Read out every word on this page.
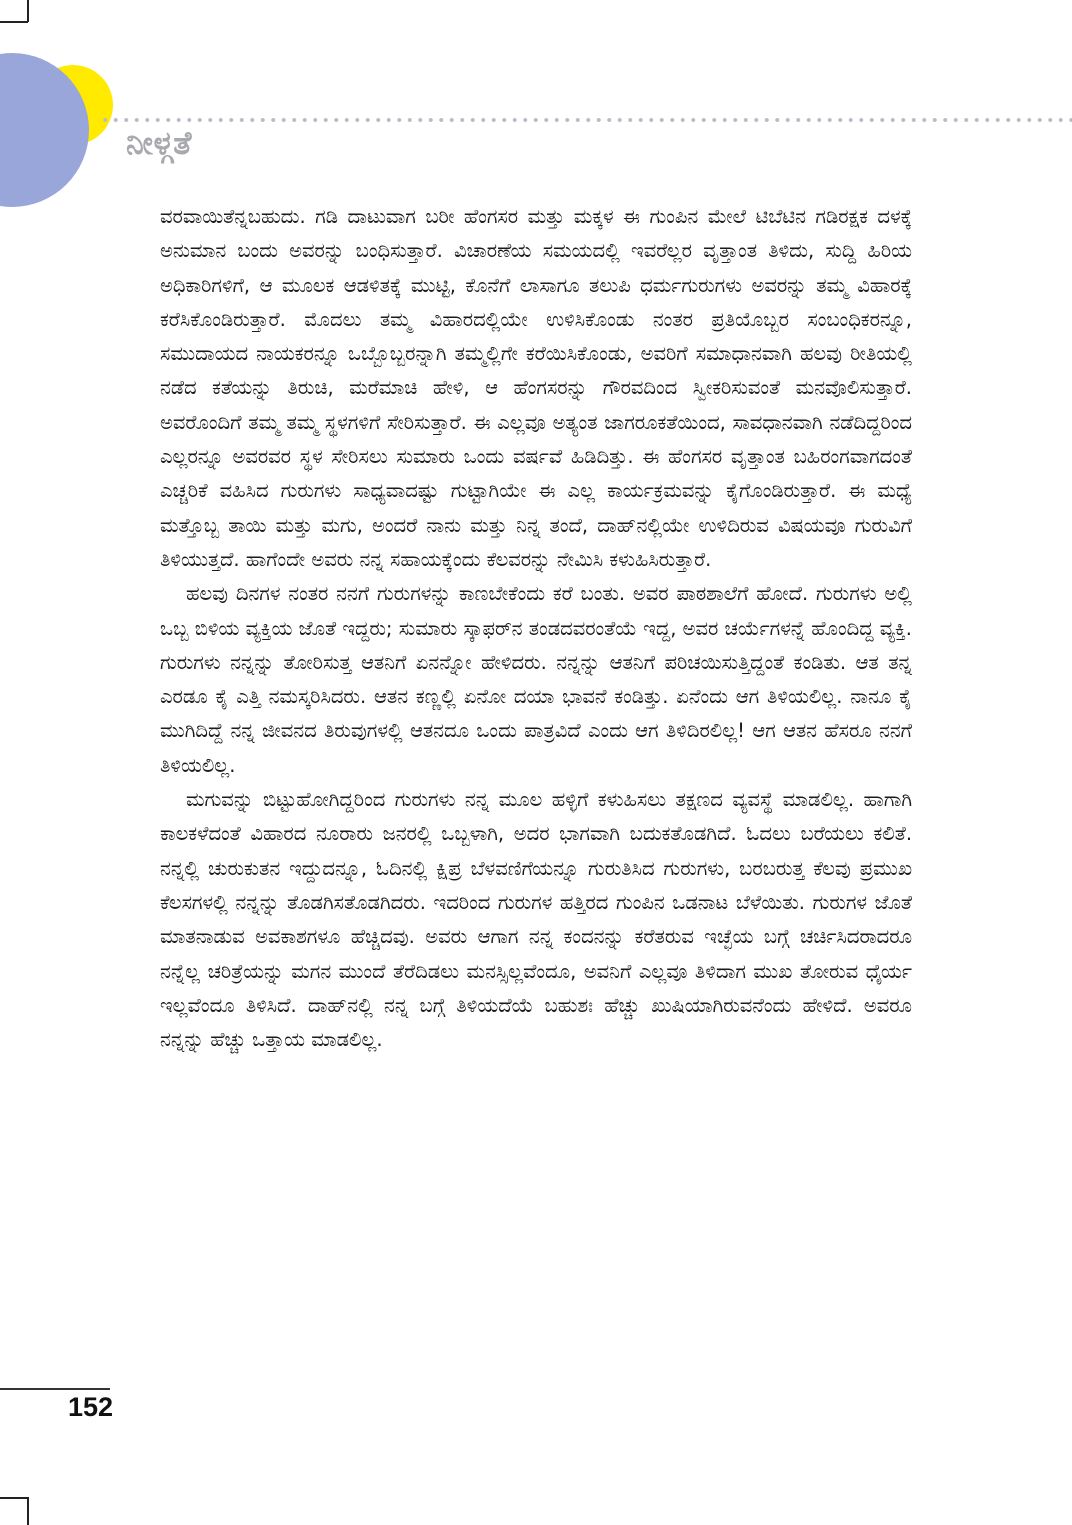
ನೀಳ್ಗತೆ

ವರವಾಯಿತೆನ್ನಬಹುದು. ಗಡಿ ದಾಟುವಾಗ ಬರೀ ಹೆಂಗಸರ ಮತ್ತು ಮಕ್ಕಳ ಈ ಗುಂಪಿನ ಮೇಲೆ ಟಿಬೆಟಿನ ಗಡಿರಕ್ಷಕ ದಳಕ್ಕೆ ಅನುಮಾನ ಬಂದು ಅವರನ್ನು ಬಂಧಿಸುತ್ತಾರೆ. ವಿಚಾರಣೆಯ ಸಮಯದಲ್ಲಿ ಇವರೆಲ್ಲರ ವೃತ್ತಾಂತ ತಿಳಿದು, ಸುದ್ದಿ ಹಿರಿಯ ಅಧಿಕಾರಿಗಳಿಗೆ, ಆ ಮೂಲಕ ಆಡಳಿತಕ್ಕೆ ಮುಟ್ಟಿ, ಕೊನೆಗೆ ಲಾಸಾಗೂ ತಲುಪಿ ಧರ್ಮಗುರುಗಳು ಅವರನ್ನು ತಮ್ಮ ವಿಹಾರಕ್ಕೆ ಕರೆಸಿಕೊಂಡಿರುತ್ತಾರೆ. ಮೊದಲು ತಮ್ಮ ವಿಹಾರದಲ್ಲಿಯೇ ಉಳಿಸಿಕೊಂಡು ನಂತರ ಪ್ರತಿಯೊಬ್ಬರ ಸಂಬಂಧಿಕರನ್ನೂ, ಸಮುದಾಯದ ನಾಯಕರನ್ನೂ ಒಬ್ಬೊಬ್ಬರನ್ನಾಗಿ ತಮ್ಮಲ್ಲಿಗೇ ಕರೆಯಿಸಿಕೊಂಡು, ಅವರಿಗೆ ಸಮಾಧಾನವಾಗಿ ಹಲವು ರೀತಿಯಲ್ಲಿ ನಡೆದ ಕತೆಯನ್ನು ತಿರುಚಿ, ಮರೆಮಾಚಿ ಹೇಳಿ, ಆ ಹೆಂಗಸರನ್ನು ಗೌರವದಿಂದ ಸ್ವೀಕರಿಸುವಂತೆ ಮನವೊಲಿಸುತ್ತಾರೆ. ಅವರೊಂದಿಗೆ ತಮ್ಮ ತಮ್ಮ ಸ್ಥಳಗಳಿಗೆ ಸೇರಿಸುತ್ತಾರೆ. ಈ ಎಲ್ಲವೂ ಅತ್ಯಂತ ಜಾಗರೂಕತೆಯಿಂದ, ಸಾವಧಾನವಾಗಿ ನಡೆದಿದ್ದರಿಂದ ಎಲ್ಲರನ್ನೂ ಅವರವರ ಸ್ಥಳ ಸೇರಿಸಲು ಸುಮಾರು ಒಂದು ವರ್ಷವೆ ಹಿಡಿದಿತ್ತು. ಈ ಹೆಂಗಸರ ವೃತ್ತಾಂತ ಬಹಿರಂಗವಾಗದಂತೆ ಎಚ್ಚರಿಕೆ ವಹಿಸಿದ ಗುರುಗಳು ಸಾಧ್ಯವಾದಷ್ಟು ಗುಟ್ಟಾಗಿಯೇ ಈ ಎಲ್ಲ ಕಾರ್ಯಕ್ರಮವನ್ನು ಕೈಗೊಂಡಿರುತ್ತಾರೆ. ಈ ಮಧ್ಯೆ ಮತ್ತೊಬ್ಬ ತಾಯಿ ಮತ್ತು ಮಗು, ಅಂದರೆ ನಾನು ಮತ್ತು ನಿನ್ನ ತಂದೆ, ದಾಹ್‌ನಲ್ಲಿಯೇ ಉಳಿದಿರುವ ವಿಷಯವೂ ಗುರುವಿಗೆ ತಿಳಿಯುತ್ತದೆ. ಹಾಗೆಂದೇ ಅವರು ನನ್ನ ಸಹಾಯಕ್ಕೆಂದು ಕೆಲವರನ್ನು ನೇಮಿಸಿ ಕಳುಹಿಸಿರುತ್ತಾರೆ.

ಹಲವು ದಿನಗಳ ನಂತರ ನನಗೆ ಗುರುಗಳನ್ನು ಕಾಣಬೇಕೆಂದು ಕರೆ ಬಂತು. ಅವರ ಪಾಠಶಾಲೆಗೆ ಹೋದೆ. ಗುರುಗಳು ಅಲ್ಲಿ ಒಬ್ಬ ಬಿಳಿಯ ವ್ಯಕ್ತಿಯ ಜೊತೆ ಇದ್ದರು; ಸುಮಾರು ಸ್ಕಾಫರ್‌ನ ತಂಡದವರಂತೆಯೆ ಇದ್ದ, ಅವರ ಚರ್ಯೆಗಳನ್ನೆ ಹೊಂದಿದ್ದ ವ್ಯಕ್ತಿ. ಗುರುಗಳು ನನ್ನನ್ನು ತೋರಿಸುತ್ತ ಆತನಿಗೆ ಏನನ್ನೋ ಹೇಳಿದರು. ನನ್ನನ್ನು ಆತನಿಗೆ ಪರಿಚಯಿಸುತ್ತಿದ್ದಂತೆ ಕಂಡಿತು. ಆತ ತನ್ನ ಎರಡೂ ಕೈ ಎತ್ತಿ ನಮಸ್ಕರಿಸಿದರು. ಆತನ ಕಣ್ಣಲ್ಲಿ ಏನೋ ದಯಾ ಭಾವನೆ ಕಂಡಿತ್ತು. ಏನೆಂದು ಆಗ ತಿಳಿಯಲಿಲ್ಲ. ನಾನೂ ಕೈ ಮುಗಿದಿದ್ದೆ ನನ್ನ ಜೀವನದ ತಿರುವುಗಳಲ್ಲಿ ಆತನದೂ ಒಂದು ಪಾತ್ರವಿದೆ ಎಂದು ಆಗ ತಿಳಿದಿರಲಿಲ್ಲ! ಆಗ ಆತನ ಹೆಸರೂ ನನಗೆ ತಿಳಿಯಲಿಲ್ಲ.

ಮಗುವನ್ನು ಬಿಟ್ಟುಹೋಗಿದ್ದರಿಂದ ಗುರುಗಳು ನನ್ನ ಮೂಲ ಹಳ್ಳಿಗೆ ಕಳುಹಿಸಲು ತಕ್ಷಣದ ವ್ಯವಸ್ಥೆ ಮಾಡಲಿಲ್ಲ. ಹಾಗಾಗಿ ಕಾಲಕಳೆದಂತೆ ವಿಹಾರದ ನೂರಾರು ಜನರಲ್ಲಿ ಒಬ್ಬಳಾಗಿ, ಅದರ ಭಾಗವಾಗಿ ಬದುಕತೊಡಗಿದೆ. ಓದಲು ಬರೆಯಲು ಕಲಿತೆ. ನನ್ನಲ್ಲಿ ಚುರುಕುತನ ಇದ್ದುದನ್ನೂ, ಓದಿನಲ್ಲಿ ಕ್ಷಿಪ್ರ ಬೆಳವಣಿಗೆಯನ್ನೂ ಗುರುತಿಸಿದ ಗುರುಗಳು, ಬರಬರುತ್ತ ಕೆಲವು ಪ್ರಮುಖ ಕೆಲಸಗಳಲ್ಲಿ ನನ್ನನ್ನು ತೊಡಗಿಸತೊಡಗಿದರು. ಇದರಿಂದ ಗುರುಗಳ ಹತ್ತಿರದ ಗುಂಪಿನ ಒಡನಾಟ ಬೆಳೆಯಿತು. ಗುರುಗಳ ಜೊತೆ ಮಾತನಾಡುವ ಅವಕಾಶಗಳೂ ಹೆಚ್ಚಿದವು. ಅವರು ಆಗಾಗ ನನ್ನ ಕಂದನನ್ನು ಕರೆತರುವ ಇಚ್ಛೆಯ ಬಗ್ಗೆ ಚರ್ಚಿಸಿದರಾದರೂ ನನ್ನೆಲ್ಲ ಚರಿತ್ರೆಯನ್ನು ಮಗನ ಮುಂದೆ ತೆರೆದಿಡಲು ಮನಸ್ಸಿಲ್ಲವೆಂದೂ, ಅವನಿಗೆ ಎಲ್ಲವೂ ತಿಳಿದಾಗ ಮುಖ ತೋರುವ ಧೈರ್ಯ ಇಲ್ಲವೆಂದೂ ತಿಳಿಸಿದೆ. ದಾಹ್‌ನಲ್ಲಿ ನನ್ನ ಬಗ್ಗೆ ತಿಳಿಯದೆಯೆ ಬಹುಶಃ ಹೆಚ್ಚು ಖುಷಿಯಾಗಿರುವನೆಂದು ಹೇಳಿದೆ. ಅವರೂ ನನ್ನನ್ನು ಹೆಚ್ಚು ಒತ್ತಾಯ ಮಾಡಲಿಲ್ಲ.

152
